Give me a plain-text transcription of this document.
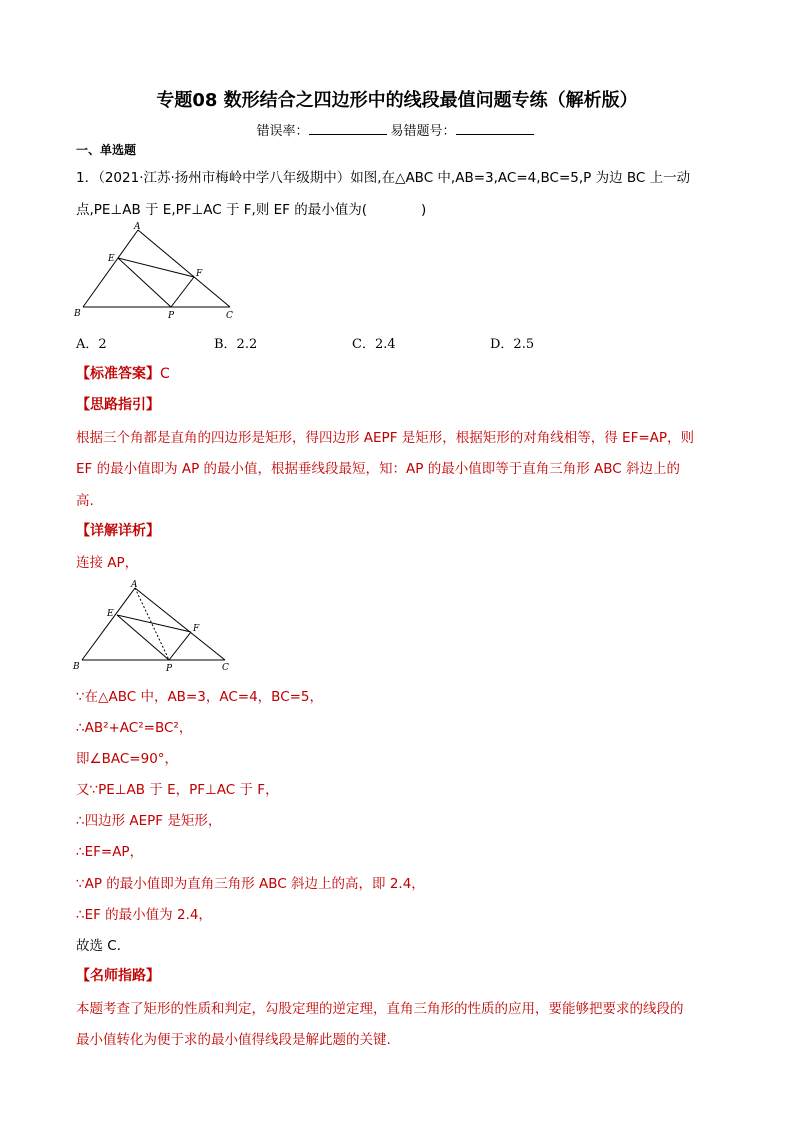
专题08 数形结合之四边形中的线段最值问题专练（解析版）
错误率：	易错题号：
一、单选题
1．（2021·江苏·扬州市梅岭中学八年级期中）如图,在△ABC 中,AB=3,AC=4,BC=5,P 为边 BC 上一动
点,PE⊥AB 于 E,PF⊥AC 于 F,则 EF 的最小值为(　　　　)
A
E
F
B	P	C
A．2	B．2.2	C．2.4	D．2.5
【标准答案】C
【思路指引】
根据三个角都是直角的四边形是矩形，得四边形 AEPF 是矩形，根据矩形的对角线相等，得 EF=AP，则
EF 的最小值即为 AP 的最小值，根据垂线段最短，知：AP 的最小值即等于直角三角形 ABC 斜边上的
高.
【详解详析】
连接 AP，
A
E
F
B	P	C
∵在△ABC 中，AB=3，AC=4，BC=5，
∴AB²+AC²=BC²，
即∠BAC=90°，
又∵PE⊥AB 于 E，PF⊥AC 于 F，
∴四边形 AEPF 是矩形，
∴EF=AP，
∵AP 的最小值即为直角三角形 ABC 斜边上的高，即 2.4，
∴EF 的最小值为 2.4，
故选 C．
【名师指路】
本题考查了矩形的性质和判定，勾股定理的逆定理，直角三角形的性质的应用，要能够把要求的线段的
最小值转化为便于求的最小值得线段是解此题的关键.
